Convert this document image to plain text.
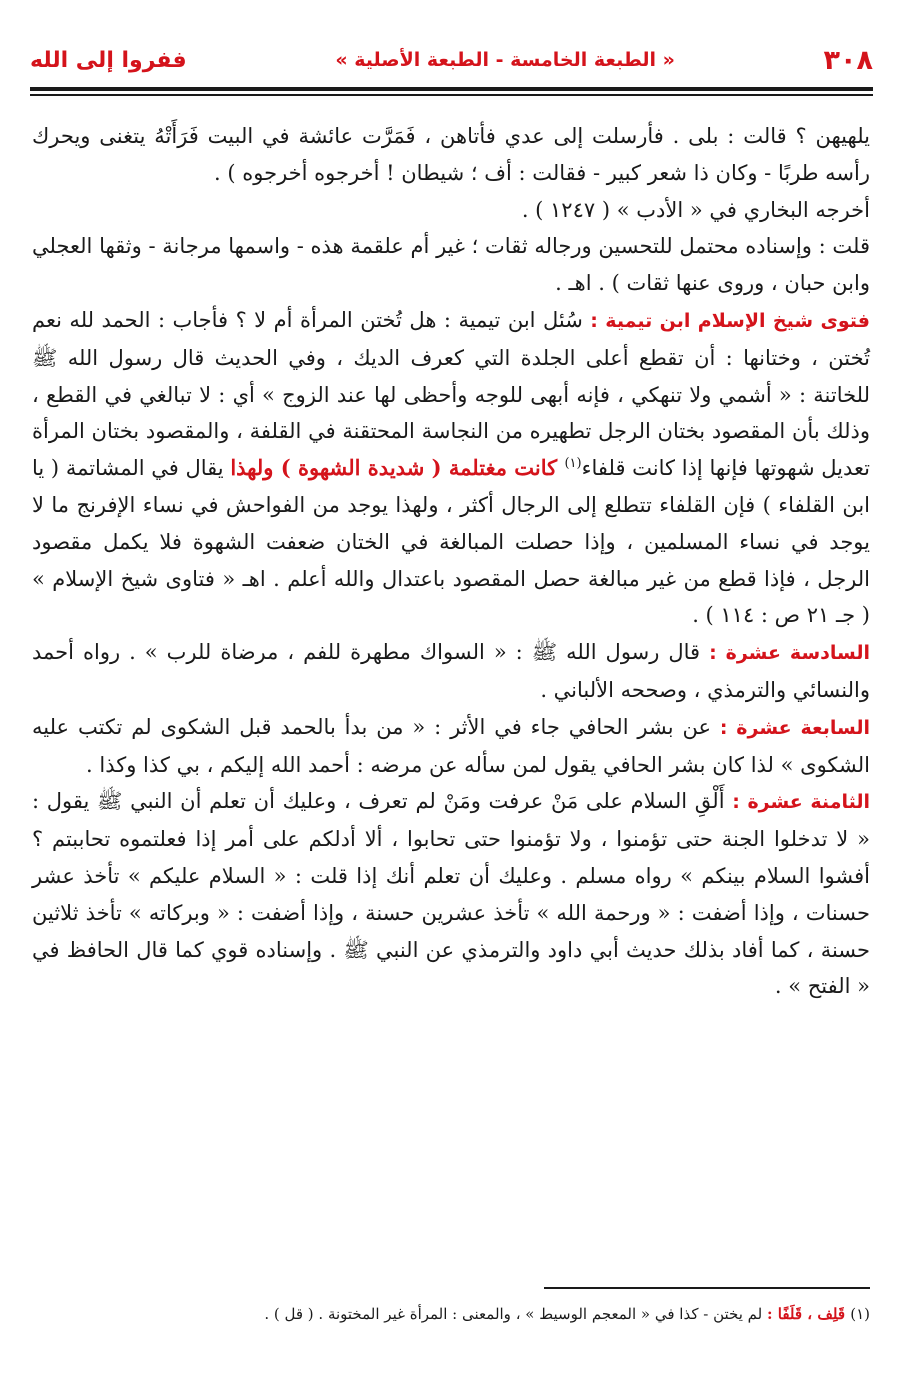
٣٠٨
« الطبعة الخامسة - الطبعة الأصلية »
ففروا إلى الله

يلهيهن ؟ قالت : بلى . فأرسلت إلى عدي فأتاهن ، فَمَرَّت عائشة في البيت فَرَأَتْهُ يتغنى ويحرك رأسه طربًا - وكان ذا شعر كبير - فقالت : أف ؛ شيطان ! أخرجوه أخرجوه ) .

أخرجه البخاري في « الأدب » ( ١٢٤٧ ) .

قلت : وإسناده محتمل للتحسين ورجاله ثقات ؛ غير أم علقمة هذه - واسمها مرجانة - وثقها العجلي وابن حبان ، وروى عنها ثقات ) . اهـ .

فتوى شيخ الإسلام ابن تيمية : سُئل ابن تيمية : هل تُختن المرأة أم لا ؟ فأجاب : الحمد لله نعم تُختن ، وختانها : أن تقطع أعلى الجلدة التي كعرف الديك ، وفي الحديث قال رسول الله ﷺ للخاتنة : « أشمي ولا تنهكي ، فإنه أبهى للوجه وأحظى لها عند الزوج » أي : لا تبالغي في القطع ، وذلك بأن المقصود بختان الرجل تطهيره من النجاسة المحتقنة في القلفة ، والمقصود بختان المرأة تعديل شهوتها فإنها إذا كانت قلفاء$^{(١)}$ كانت مغتلمة ( شديدة الشهوة ) ولهذا يقال في المشاتمة ( يا ابن القلفاء ) فإن القلفاء تتطلع إلى الرجال أكثر ، ولهذا يوجد من الفواحش في نساء الإفرنج ما لا يوجد في نساء المسلمين ، وإذا حصلت المبالغة في الختان ضعفت الشهوة فلا يكمل مقصود الرجل ، فإذا قطع من غير مبالغة حصل المقصود باعتدال والله أعلم . اهـ « فتاوى شيخ الإسلام » ( جـ ٢١ ص : ١١٤ ) .

السادسة عشرة : قال رسول الله ﷺ : « السواك مطهرة للفم ، مرضاة للرب » . رواه أحمد والنسائي والترمذي ، وصححه الألباني .

السابعة عشرة : عن بشر الحافي جاء في الأثر : « من بدأ بالحمد قبل الشكوى لم تكتب عليه الشكوى » لذا كان بشر الحافي يقول لمن سأله عن مرضه : أحمد الله إليكم ، بي كذا وكذا .

الثامنة عشرة : أَلْقِ السلام على مَنْ عرفت ومَنْ لم تعرف ، وعليك أن تعلم أن النبي ﷺ يقول : « لا تدخلوا الجنة حتى تؤمنوا ، ولا تؤمنوا حتى تحابوا ، ألا أدلكم على أمر إذا فعلتموه تحاببتم ؟ أفشوا السلام بينكم » رواه مسلم . وعليك أن تعلم أنك إذا قلت : « السلام عليكم » تأخذ عشر حسنات ، وإذا أضفت : « ورحمة الله » تأخذ عشرين حسنة ، وإذا أضفت : « وبركاته » تأخذ ثلاثين حسنة ، كما أفاد بذلك حديث أبي داود والترمذي عن النبي ﷺ . وإسناده قوي كما قال الحافظ في « الفتح » .

(١) قَلِف ، قَلَفًا : لم يختن - كذا في « المعجم الوسيط » ، والمعنى : المرأة غير المختونة . ( قل ) .
